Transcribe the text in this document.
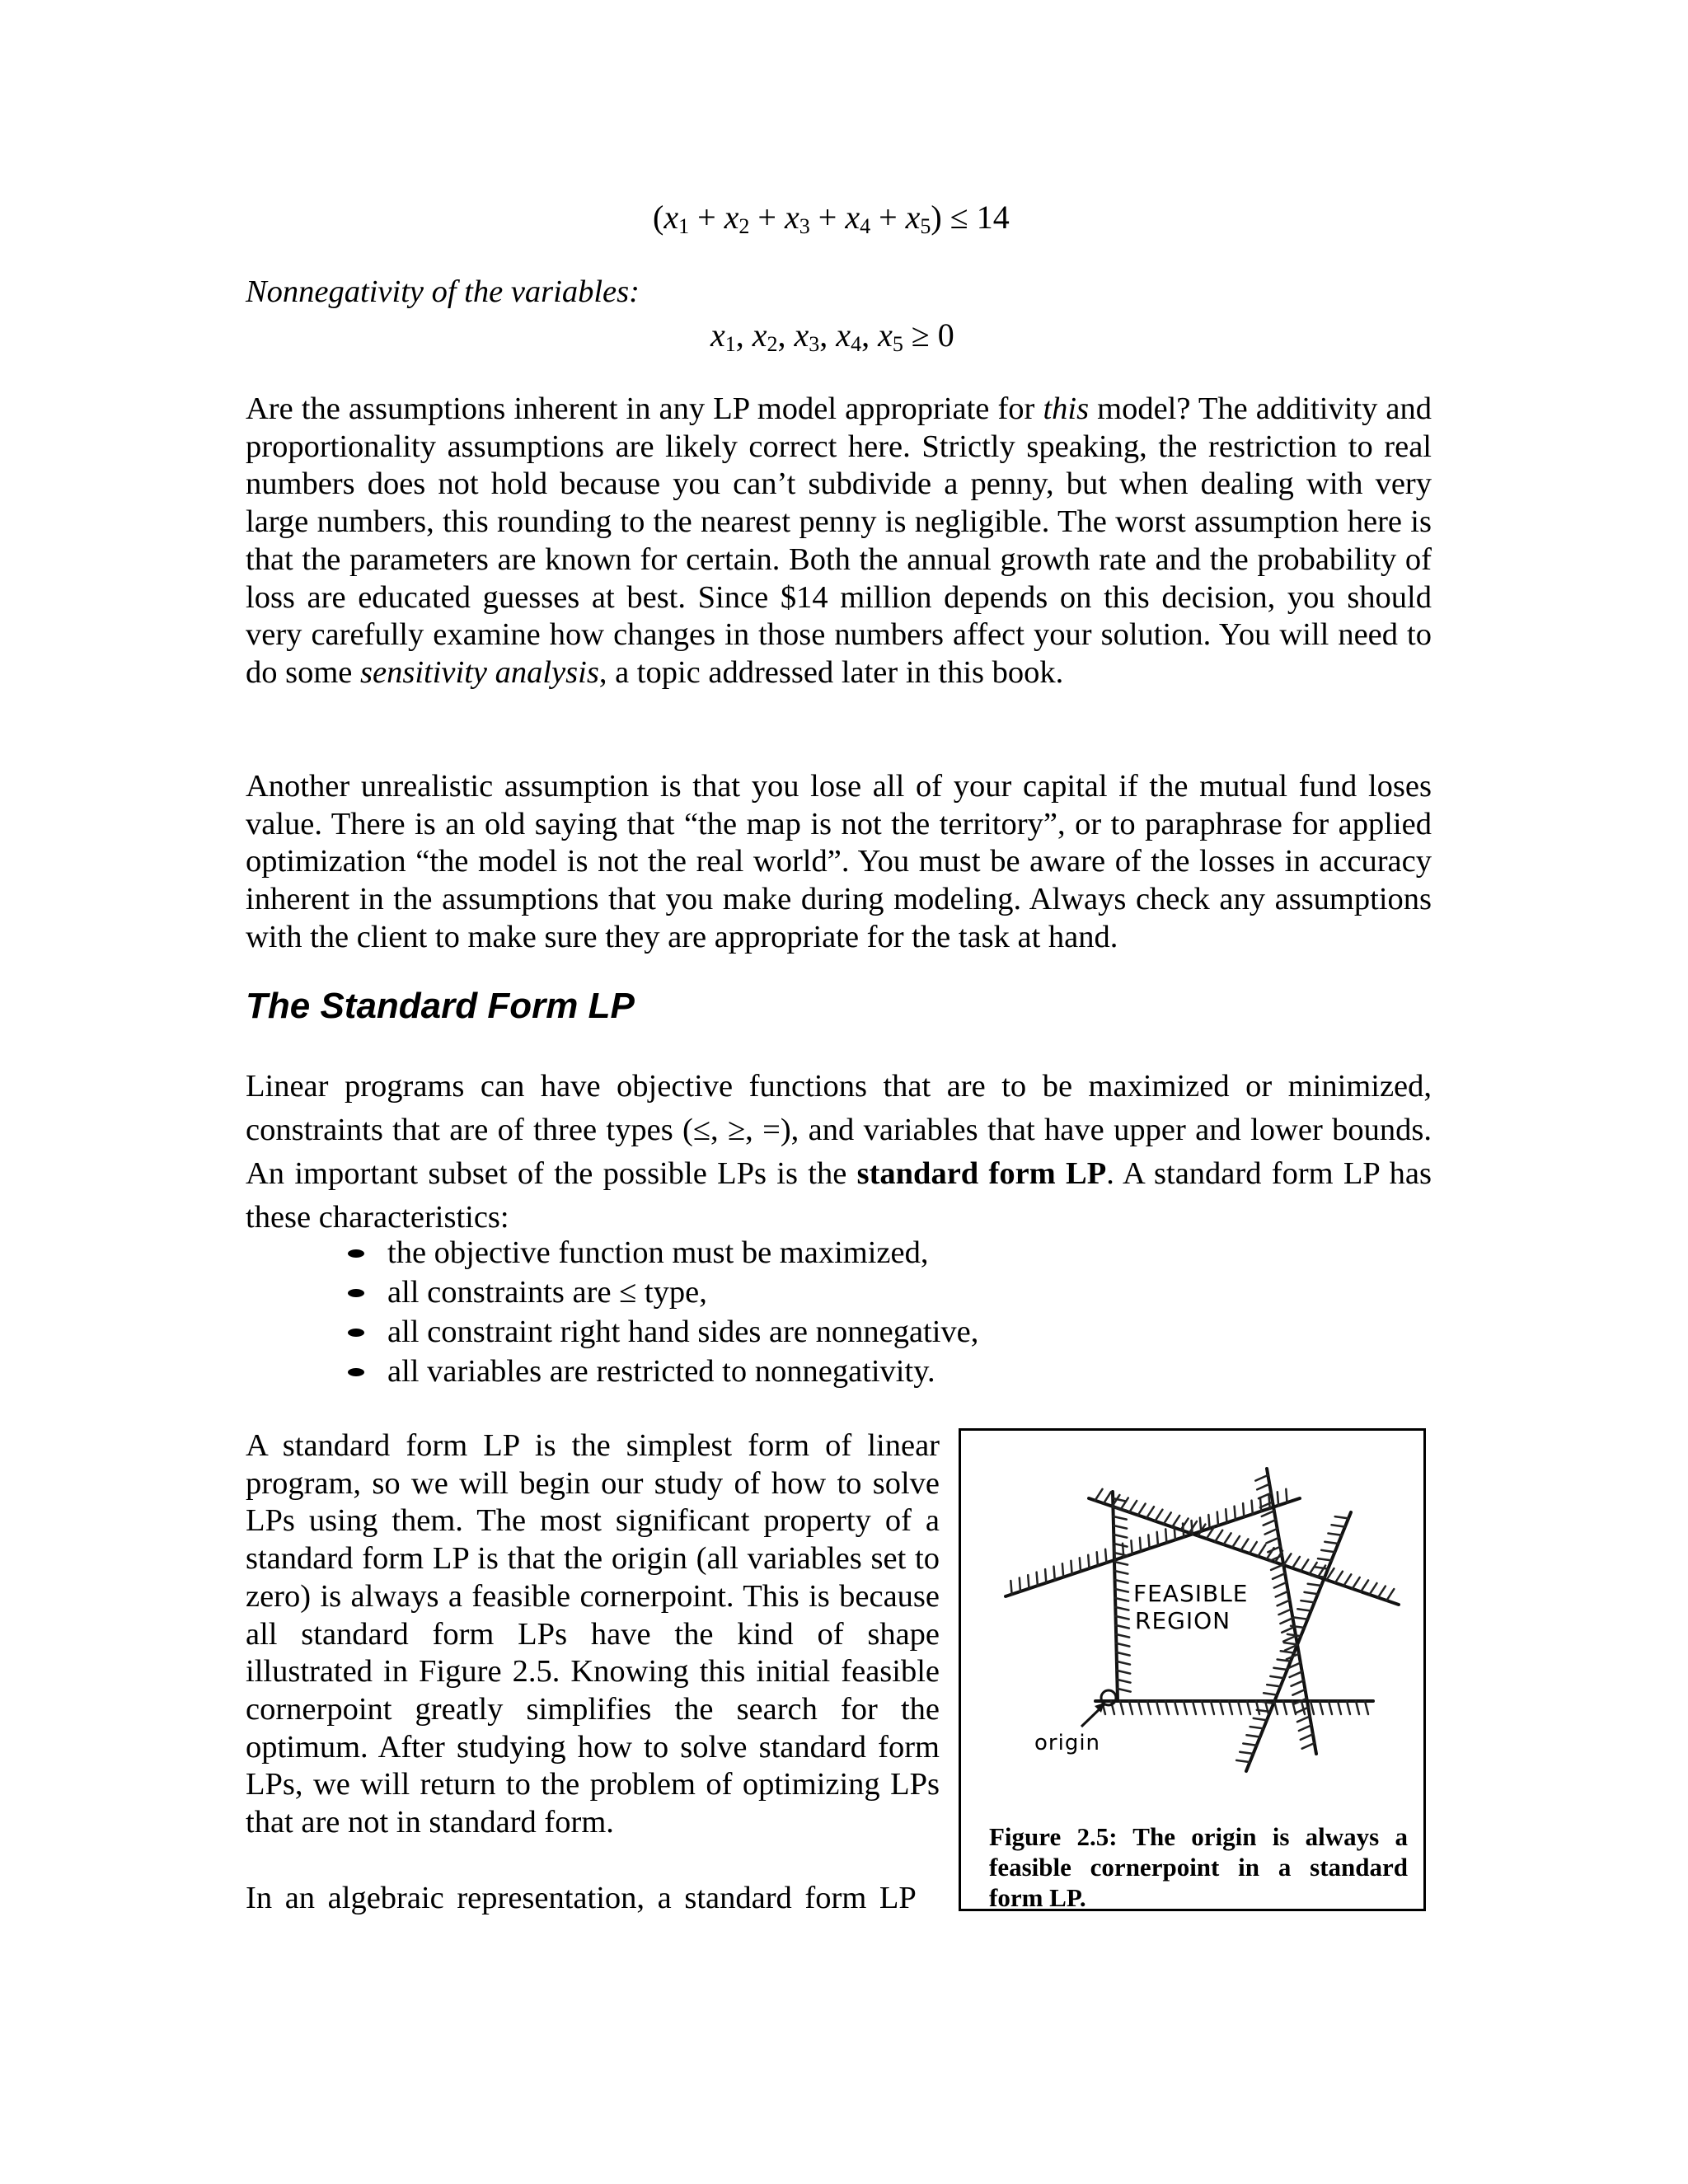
$(x_1 + x_2 + x_3 + x_4 + x_5) \le 14$
Nonnegativity of the variables:
$x_1$, $x_2$, $x_3$, $x_4$, $x_5 \ge 0$
Are the assumptions inherent in any LP model appropriate for this model? The additivity and proportionality assumptions are likely correct here. Strictly speaking, the restriction to real numbers does not hold because you can’t subdivide a penny, but when dealing with very large numbers, this rounding to the nearest penny is negligible. The worst assumption here is that the parameters are known for certain. Both the annual growth rate and the probability of loss are educated guesses at best. Since $14 million depends on this decision, you should very carefully examine how changes in those numbers affect your solution. You will need to do some sensitivity analysis, a topic addressed later in this book.
Another unrealistic assumption is that you lose all of your capital if the mutual fund loses value. There is an old saying that “the map is not the territory”, or to paraphrase for applied optimization “the model is not the real world”. You must be aware of the losses in accuracy inherent in the assumptions that you make during modeling. Always check any assumptions with the client to make sure they are appropriate for the task at hand.
The Standard Form LP
Linear programs can have objective functions that are to be maximized or minimized, constraints that are of three types (≤, ≥, =), and variables that have upper and lower bounds. An important subset of the possible LPs is the standard form LP. A standard form LP has these characteristics:
the objective function must be maximized,
all constraints are ≤ type,
all constraint right hand sides are nonnegative,
all variables are restricted to nonnegativity.
A standard form LP is the simplest form of linear program, so we will begin our study of how to solve LPs using them. The most significant property of a standard form LP is that the origin (all variables set to zero) is always a feasible cornerpoint. This is because all standard form LPs have the kind of shape illustrated in Figure 2.5. Knowing this initial feasible cornerpoint greatly simplifies the search for the optimum. After studying how to solve standard form LPs, we will return to the problem of optimizing LPs that are not in standard form.
In an algebraic representation, a standard form LP
FEASIBLE
REGION
origin
Figure 2.5: The origin is always a feasible cornerpoint in a standard form LP.
